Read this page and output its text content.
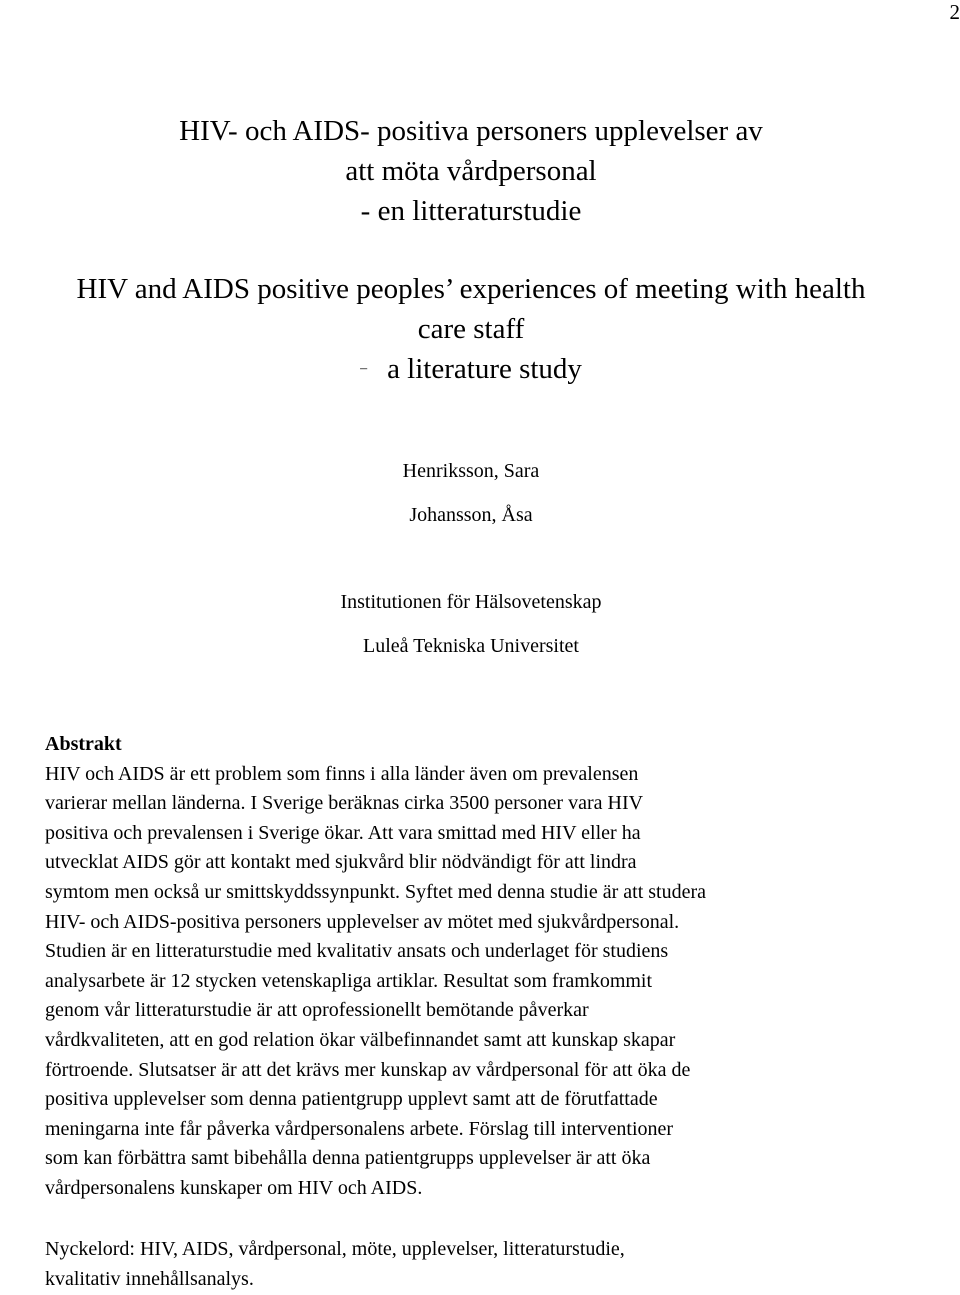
2
HIV- och AIDS- positiva personers upplevelser av
att möta vårdpersonal
- en litteraturstudie
HIV and AIDS positive peoples’ experiences of meeting with health
care staff
– a literature study
Henriksson, Sara
Johansson, Åsa
Institutionen för Hälsovetenskap
Luleå Tekniska Universitet
Abstrakt
HIV och AIDS är ett problem som finns i alla länder även om prevalensen
varierar mellan länderna. I Sverige beräknas cirka 3500 personer vara HIV
positiva och prevalensen i Sverige ökar. Att vara smittad med HIV eller ha
utvecklat AIDS gör att kontakt med sjukvård blir nödvändigt för att lindra
symtom men också ur smittskyddssynpunkt. Syftet med denna studie är att studera
HIV- och AIDS-positiva personers upplevelser av mötet med sjukvårdpersonal.
Studien är en litteraturstudie med kvalitativ ansats och underlaget för studiens
analysarbete är 12 stycken vetenskapliga artiklar. Resultat som framkommit
genom vår litteraturstudie är att oprofessionellt bemötande påverkar
vårdkvaliteten, att en god relation ökar välbefinnandet samt att kunskap skapar
förtroende. Slutsatser är att det krävs mer kunskap av vårdpersonal för att öka de
positiva upplevelser som denna patientgrupp upplevt samt att de förutfattade
meningarna inte får påverka vårdpersonalens arbete. Förslag till interventioner
som kan förbättra samt bibehålla denna patientgrupps upplevelser är att öka
vårdpersonalens kunskaper om HIV och AIDS.
Nyckelord: HIV, AIDS, vårdpersonal, möte, upplevelser, litteraturstudie,
kvalitativ innehållsanalys.
